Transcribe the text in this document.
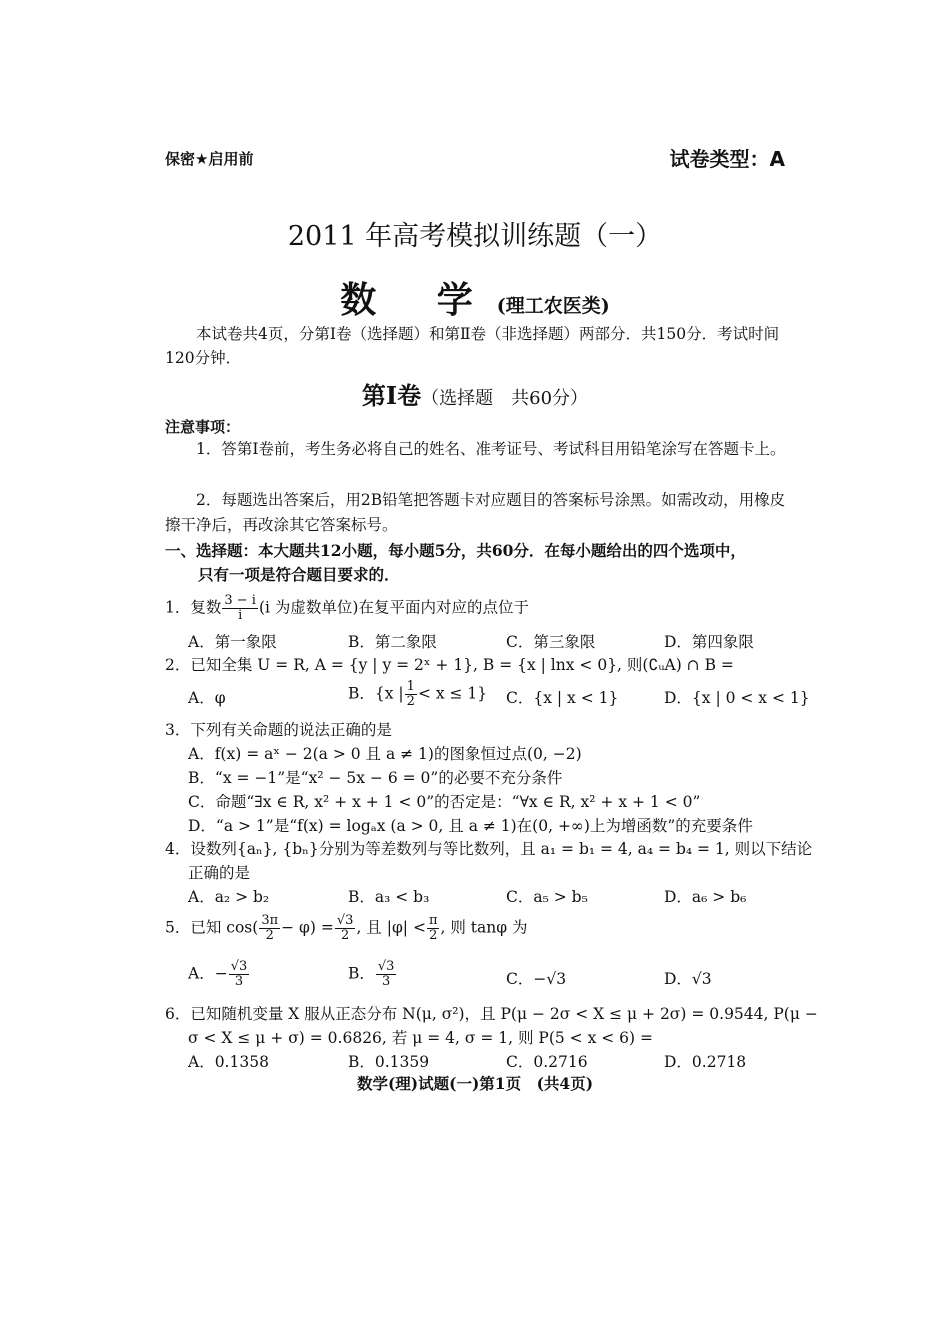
保密★启用前	试卷类型：A
2011 年高考模拟训练题（一）
数 学(理工农医类)
本试卷共4页，分第Ⅰ卷（选择题）和第Ⅱ卷（非选择题）两部分．共150分．考试时间120分钟．
第Ⅰ卷（选择题　共60分）
注意事项：
1．答第Ⅰ卷前，考生务必将自己的姓名、准考证号、考试科目用铅笔涂写在答题卡上。
2．每题选出答案后，用2B铅笔把答题卡对应题目的答案标号涂黑。如需改动，用橡皮擦干净后，再改涂其它答案标号。
一、选择题：本大题共12小题，每小题5分，共60分．在每小题给出的四个选项中，
只有一项是符合题目要求的．
1．复数 $\frac{3 - i}{i} (i$ 为虚数单位)在复平面内对应的点位于
A．第一象限	B．第二象限	C．第三象限	D．第四象限
2．已知全集 U = R, A = {y | y = 2ˣ + 1}, B = {x | lnx < 0}, 则(∁ᵤA) ∩ B =
A．φ	B．{x | $\frac{1}{2} < x \le 1$} C．{x | x < 1}	D．{x | 0 < x < 1}
3．下列有关命题的说法正确的是
A．f(x) = aˣ − 2(a > 0 且 a ≠ 1)的图象恒过点(0, −2)
B．“x = −1”是“x² − 5x − 6 = 0”的必要不充分条件
C．命题“∃x ∈ R, x² + x + 1 < 0”的否定是：“∀x ∈ R, x² + x + 1 < 0”
D．“a > 1”是“f(x) = logₐx (a > 0, 且 a ≠ 1)在(0, +∞)上为增函数”的充要条件
4．设数列{aₙ}, {bₙ}分别为等差数列与等比数列，且 a₁ = b₁ = 4, a₄ = b₄ = 1, 则以下结论
正确的是
A．a₂ > b₂	B．a₃ < b₃	C．a₅ > b₅	D．a₆ > b₆
5．已知 $\cos( \frac{3\pi}{2} - \varphi) = \frac{√3}{2}$ , 且 $|\varphi| < \frac{\pi}{2}$ , 则 tanφ 为
A．− $\frac{√3}{3}$	B． $\frac{√3}{3}$	C．−√3	D．√3
6．已知随机变量 X 服从正态分布 N(μ, σ²)，且 P(μ − 2σ < X ≤ μ + 2σ) = 0.9544, P(μ −
σ < X ≤ μ + σ) = 0.6826, 若 μ = 4, σ = 1, 则 P(5 < x < 6) =
A．0.1358	B．0.1359	C．0.2716	D．0.2718
数学(理)试题(一)第1页　(共4页)
